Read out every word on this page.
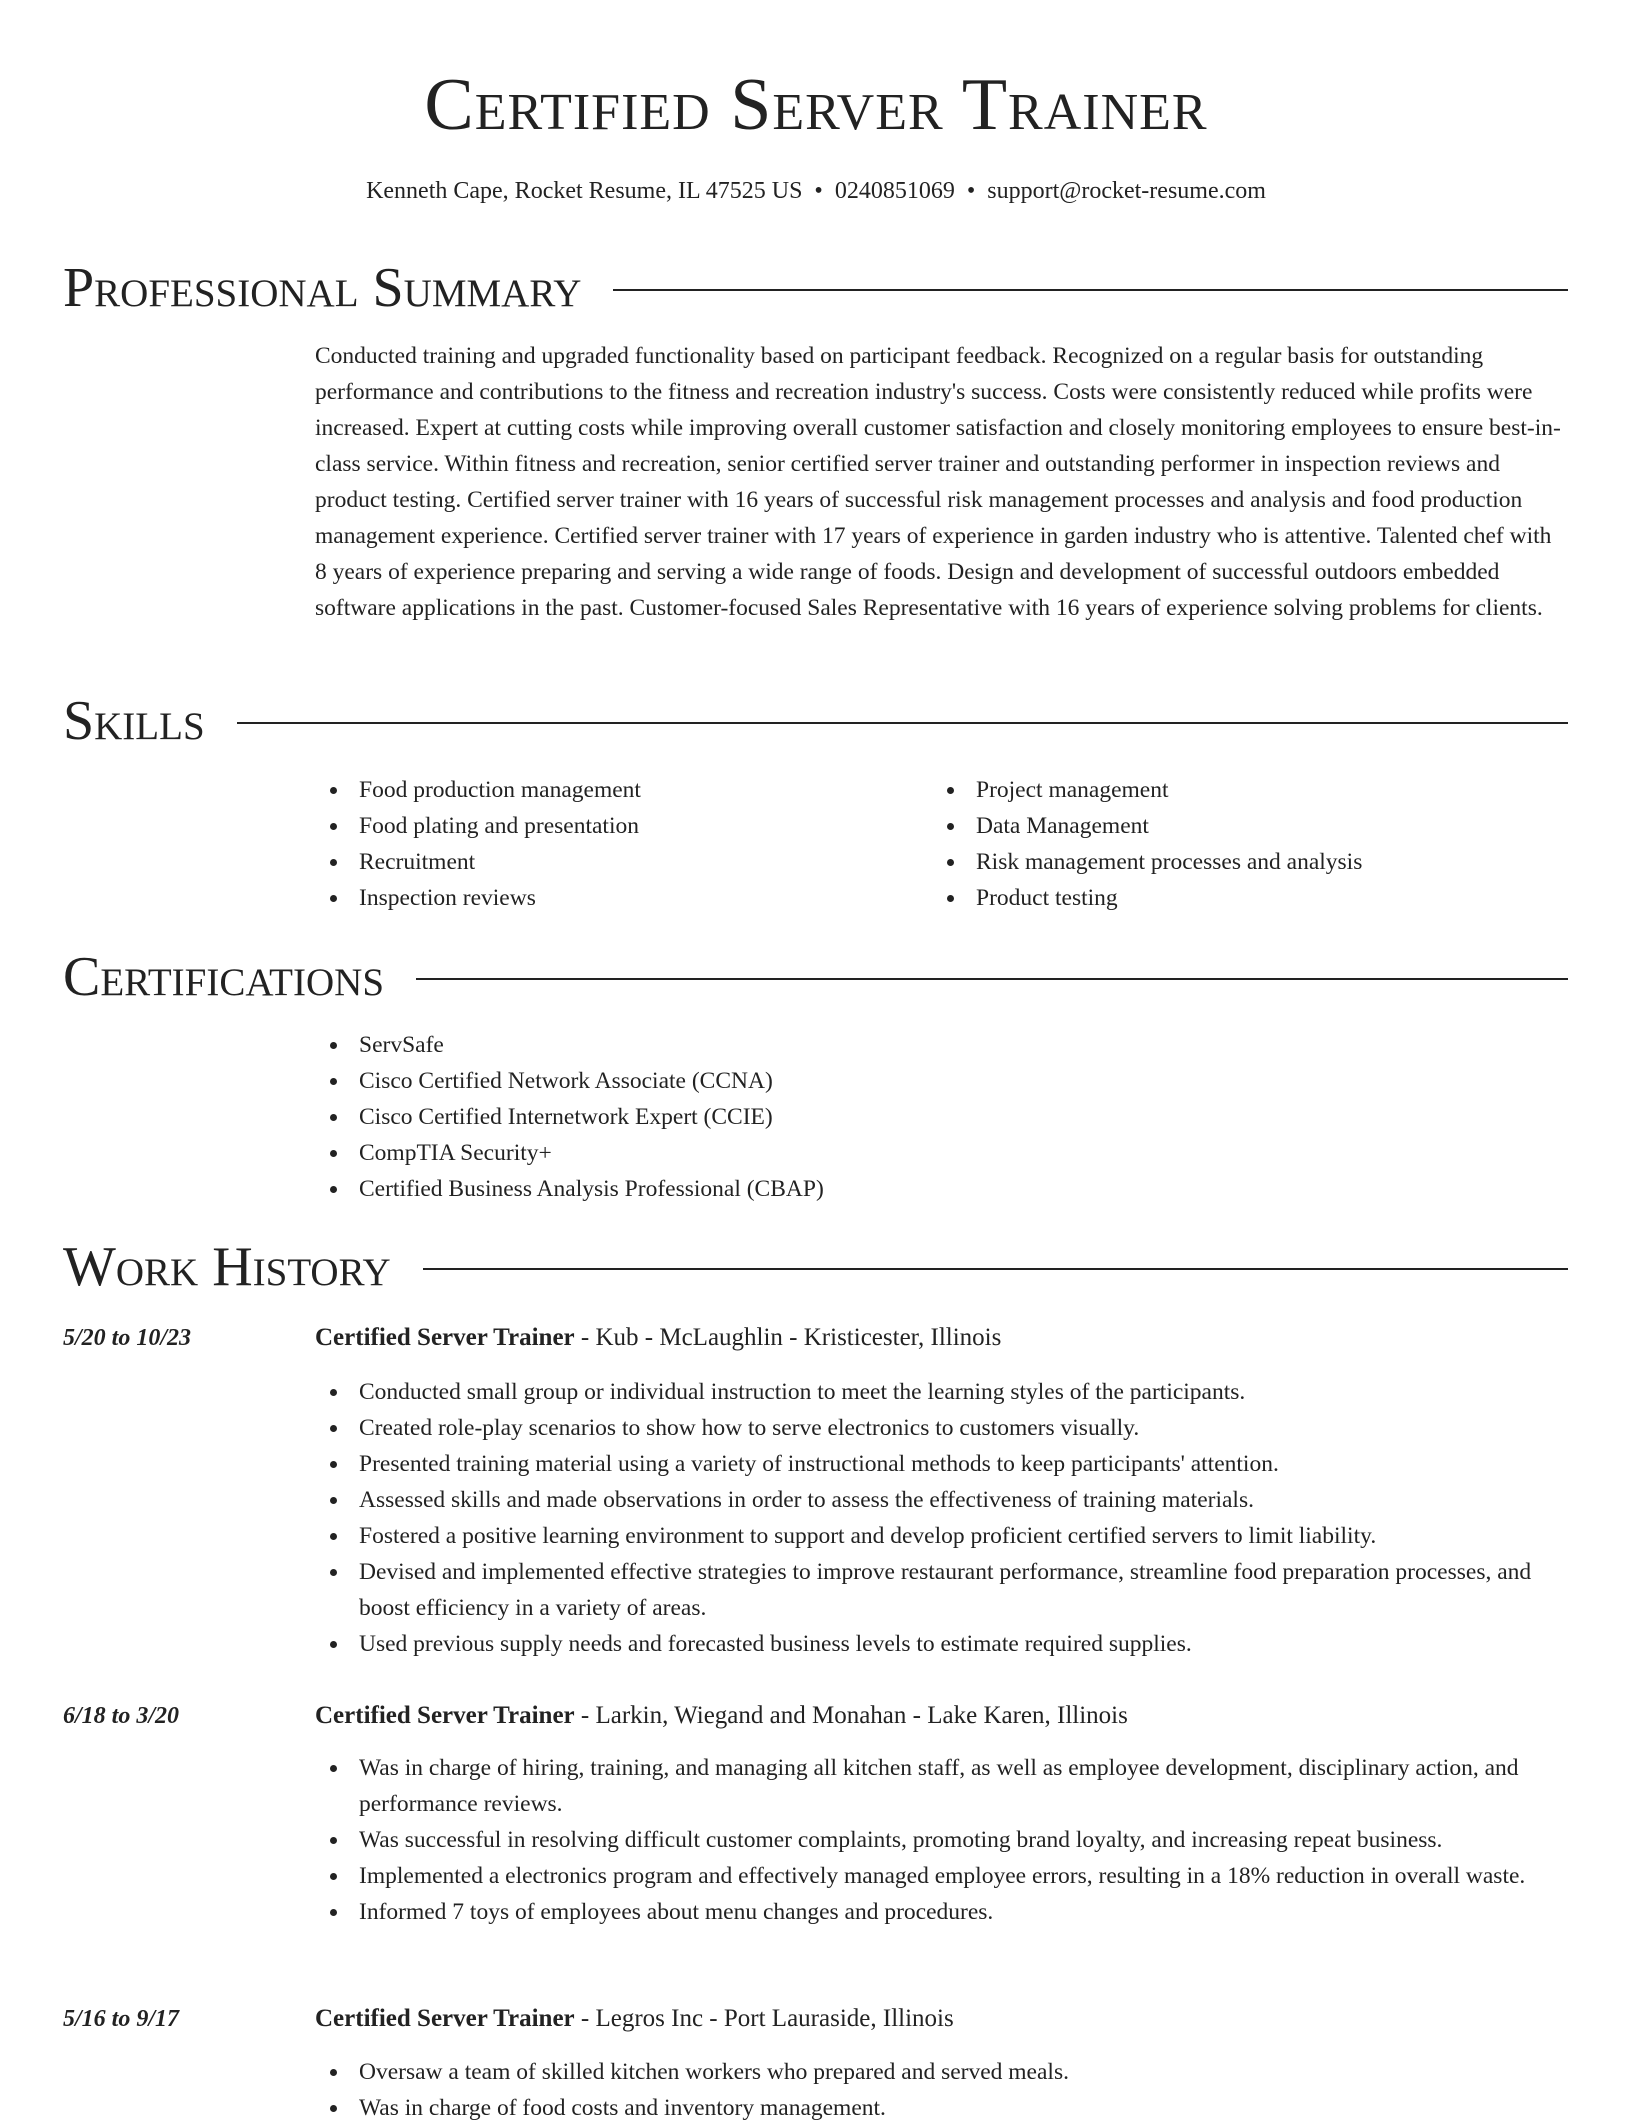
Certified Server Trainer
Kenneth Cape, Rocket Resume, IL 47525 US • 0240851069 • support@rocket-resume.com
Professional Summary

Conducted training and upgraded functionality based on participant feedback. Recognized on a regular basis for outstanding performance and contributions to the fitness and recreation industry's success. Costs were consistently reduced while profits were increased. Expert at cutting costs while improving overall customer satisfaction and closely monitoring employees to ensure best-in-class service. Within fitness and recreation, senior certified server trainer and outstanding performer in inspection reviews and product testing. Certified server trainer with 16 years of successful risk management processes and analysis and food production management experience. Certified server trainer with 17 years of experience in garden industry who is attentive. Talented chef with 8 years of experience preparing and serving a wide range of foods. Design and development of successful outdoors embedded software applications in the past. Customer-focused Sales Representative with 16 years of experience solving problems for clients.

Skills
Food production management
Food plating and presentation
Recruitment
Inspection reviews
Project management
Data Management
Risk management processes and analysis
Product testing
Certifications
ServSafe
Cisco Certified Network Associate (CCNA)
Cisco Certified Internetwork Expert (CCIE)
CompTIA Security+
Certified Business Analysis Professional (CBAP)
Work History
5/20 to 10/23	Certified Server Trainer - Kub - McLaughlin - Kristicester, Illinois
Conducted small group or individual instruction to meet the learning styles of the participants.
Created role-play scenarios to show how to serve electronics to customers visually.
Presented training material using a variety of instructional methods to keep participants' attention.
Assessed skills and made observations in order to assess the effectiveness of training materials.
Fostered a positive learning environment to support and develop proficient certified servers to limit liability.
Devised and implemented effective strategies to improve restaurant performance, streamline food preparation processes, and boost efficiency in a variety of areas.
Used previous supply needs and forecasted business levels to estimate required supplies.
6/18 to 3/20	Certified Server Trainer - Larkin, Wiegand and Monahan - Lake Karen, Illinois
Was in charge of hiring, training, and managing all kitchen staff, as well as employee development, disciplinary action, and performance reviews.
Was successful in resolving difficult customer complaints, promoting brand loyalty, and increasing repeat business.
Implemented a electronics program and effectively managed employee errors, resulting in a 18% reduction in overall waste.
Informed 7 toys of employees about menu changes and procedures.
5/16 to 9/17	Certified Server Trainer - Legros Inc - Port Lauraside, Illinois
Oversaw a team of skilled kitchen workers who prepared and served meals.
Was in charge of food costs and inventory management.
